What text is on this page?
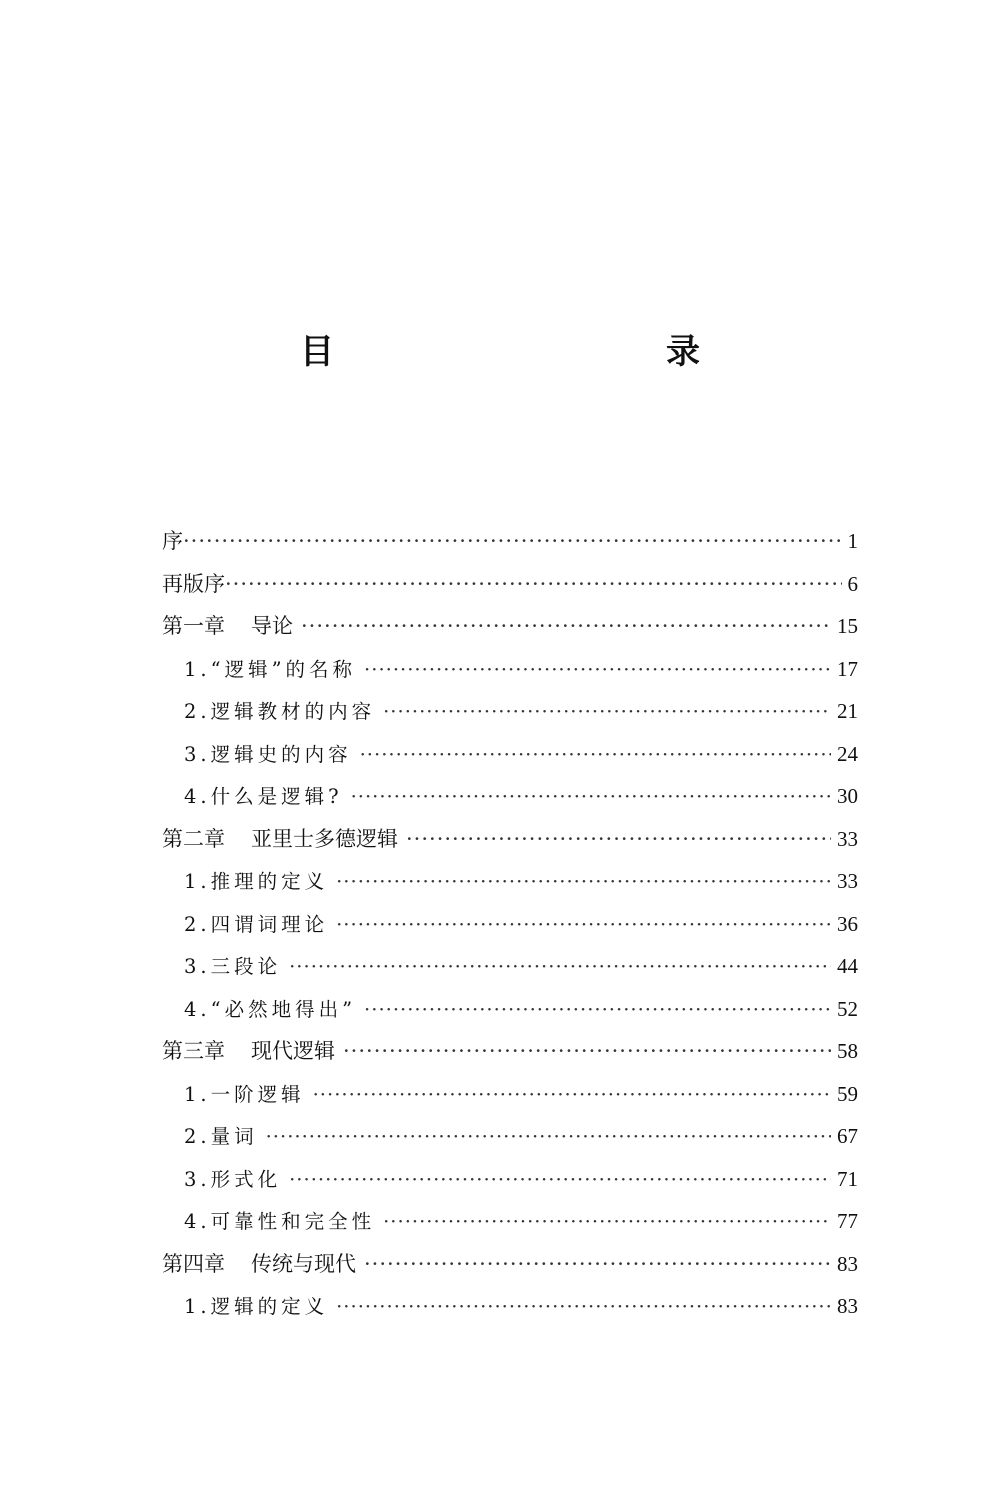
目　　录
序 ·····	1
再版序 ·····	6
第一章 导论 ·····	15
1.“逻辑”的名称 ·····	17
2.逻辑教材的内容 ·····	21
3.逻辑史的内容 ·····	24
4.什么是逻辑? ·····	30
第二章 亚里士多德逻辑 ·····	33
1.推理的定义 ·····	33
2.四谓词理论 ·····	36
3.三段论 ·····	44
4.“必然地得出” ·····	52
第三章 现代逻辑 ·····	58
1.一阶逻辑 ·····	59
2.量词 ·····	67
3.形式化 ·····	71
4.可靠性和完全性 ·····	77
第四章 传统与现代 ·····	83
1.逻辑的定义 ·····	83
